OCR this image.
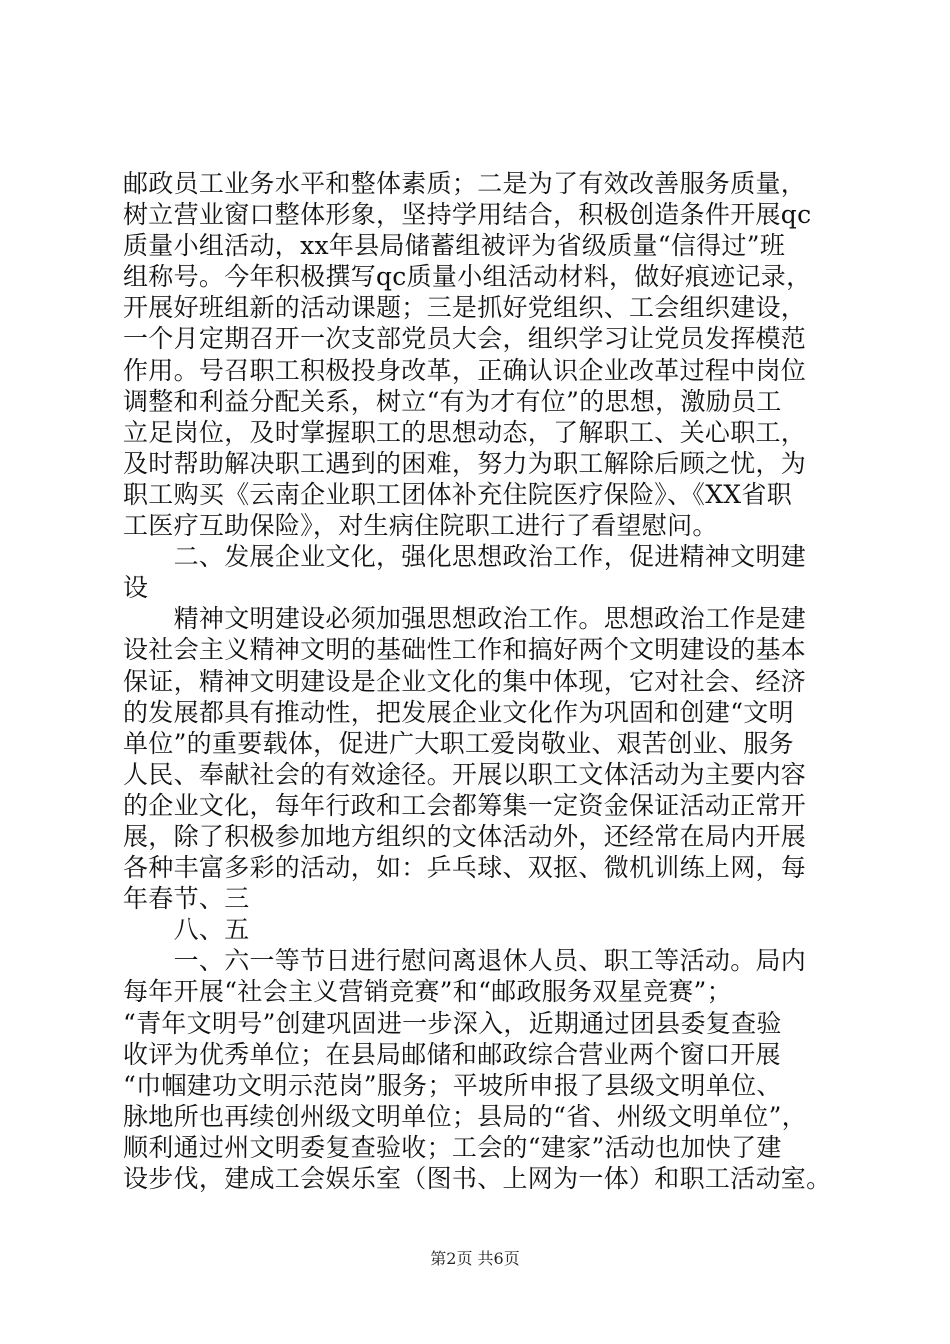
邮政员工业务水平和整体素质；二是为了有效改善服务质量，
树立营业窗口整体形象，坚持学用结合，积极创造条件开展qc
质量小组活动，xx年县局储蓄组被评为省级质量“信得过”班
组称号。今年积极撰写qc质量小组活动材料，做好痕迹记录，
开展好班组新的活动课题；三是抓好党组织、工会组织建设，
一个月定期召开一次支部党员大会，组织学习让党员发挥模范
作用。号召职工积极投身改革，正确认识企业改革过程中岗位
调整和利益分配关系，树立“有为才有位”的思想，激励员工
立足岗位，及时掌握职工的思想动态，了解职工、关心职工，
及时帮助解决职工遇到的困难，努力为职工解除后顾之忧，为
职工购买《云南企业职工团体补充住院医疗保险》、《XX省职
工医疗互助保险》，对生病住院职工进行了看望慰问。
　　二、发展企业文化，强化思想政治工作，促进精神文明建
设
　　精神文明建设必须加强思想政治工作。思想政治工作是建
设社会主义精神文明的基础性工作和搞好两个文明建设的基本
保证，精神文明建设是企业文化的集中体现，它对社会、经济
的发展都具有推动性，把发展企业文化作为巩固和创建“文明
单位”的重要载体，促进广大职工爱岗敬业、艰苦创业、服务
人民、奉献社会的有效途径。开展以职工文体活动为主要内容
的企业文化，每年行政和工会都筹集一定资金保证活动正常开
展，除了积极参加地方组织的文体活动外，还经常在局内开展
各种丰富多彩的活动，如：乒乓球、双抠、微机训练上网，每
年春节、三
　　八、五
　　一、六一等节日进行慰问离退休人员、职工等活动。局内
每年开展“社会主义营销竞赛”和“邮政服务双星竞赛”；
“青年文明号”创建巩固进一步深入，近期通过团县委复查验
收评为优秀单位；在县局邮储和邮政综合营业两个窗口开展
“巾帼建功文明示范岗”服务；平坡所申报了县级文明单位、
脉地所也再续创州级文明单位；县局的“省、州级文明单位”，
顺利通过州文明委复查验收；工会的“建家”活动也加快了建
设步伐，建成工会娱乐室（图书、上网为一体）和职工活动室。
第2页 共6页
